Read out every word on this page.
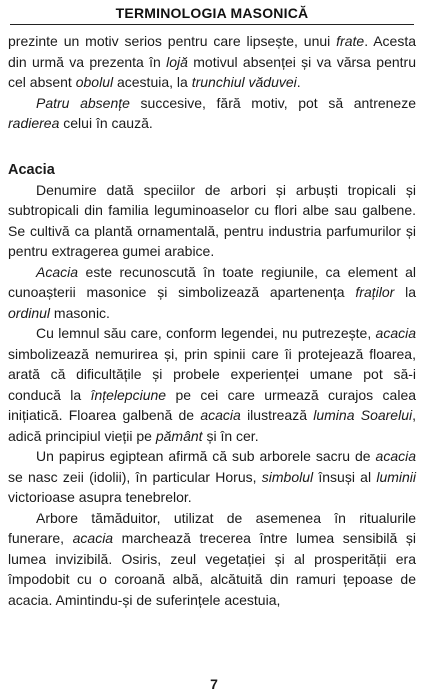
TERMINOLOGIA MASONICĂ

prezinte un motiv serios pentru care lipsește, unui frate. Acesta din urmă va prezenta în lojă motivul absenței și va vărsa pentru cel absent obolul acestuia, la trunchiul văduvei.

Patru absențe succesive, fără motiv, pot să antreneze radierea celui în cauză.

Acacia

Denumire dată speciilor de arbori și arbuști tropicali și subtropicali din familia leguminoaselor cu flori albe sau galbene. Se cultivă ca plantă ornamentală, pentru industria parfumurilor și pentru extragerea gumei arabice.

Acacia este recunoscută în toate regiunile, ca element al cunoașterii masonice și simbolizează apartenența fraților la ordinul masonic.

Cu lemnul său care, conform legendei, nu putrezește, acacia simbolizează nemurirea și, prin spinii care îi protejează floarea, arată că dificultățile și probele experienței umane pot să-i conducă la înțelepciune pe cei care urmează curajos calea inițiatică. Floarea galbenă de acacia ilustrează lumina Soarelui, adică principiul vieții pe pământ și în cer.

Un papirus egiptean afirmă că sub arborele sacru de acacia se nasc zeii (idolii), în particular Horus, simbolul însuși al luminii victorioase asupra tenebrelor.

Arbore tămăduitor, utilizat de asemenea în ritualurile funerare, acacia marchează trecerea între lumea sensibilă și lumea invizibilă. Osiris, zeul vegetației și al prosperității era împodobit cu o coroană albă, alcătuită din ramuri țepoase de acacia. Amintindu-și de suferințele acestuia,

7
